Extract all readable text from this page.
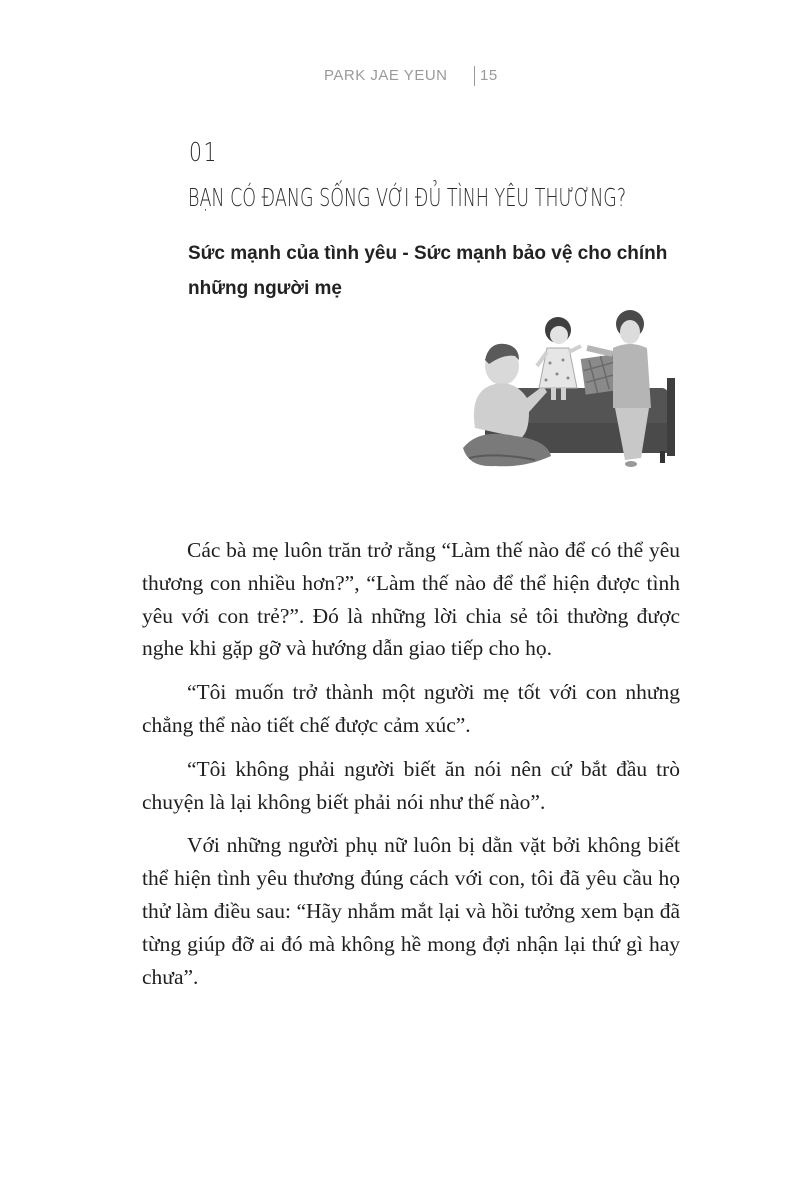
PARK JAE YEUN 15
01
BẠN CÓ ĐANG SỐNG VỚI ĐỦ TÌNH YÊU THƯƠNG?
Sức mạnh của tình yêu - Sức mạnh bảo vệ cho chính những người mẹ

Các bà mẹ luôn trăn trở rằng “Làm thế nào để có thể yêu thương con nhiều hơn?”, “Làm thế nào để thể hiện được tình yêu với con trẻ?”. Đó là những lời chia sẻ tôi thường được nghe khi gặp gỡ và hướng dẫn giao tiếp cho họ.

“Tôi muốn trở thành một người mẹ tốt với con nhưng chẳng thể nào tiết chế được cảm xúc”.

“Tôi không phải người biết ăn nói nên cứ bắt đầu trò chuyện là lại không biết phải nói như thế nào”.

Với những người phụ nữ luôn bị dằn vặt bởi không biết thể hiện tình yêu thương đúng cách với con, tôi đã yêu cầu họ thử làm điều sau: “Hãy nhắm mắt lại và hồi tưởng xem bạn đã từng giúp đỡ ai đó mà không hề mong đợi nhận lại thứ gì hay chưa”.
